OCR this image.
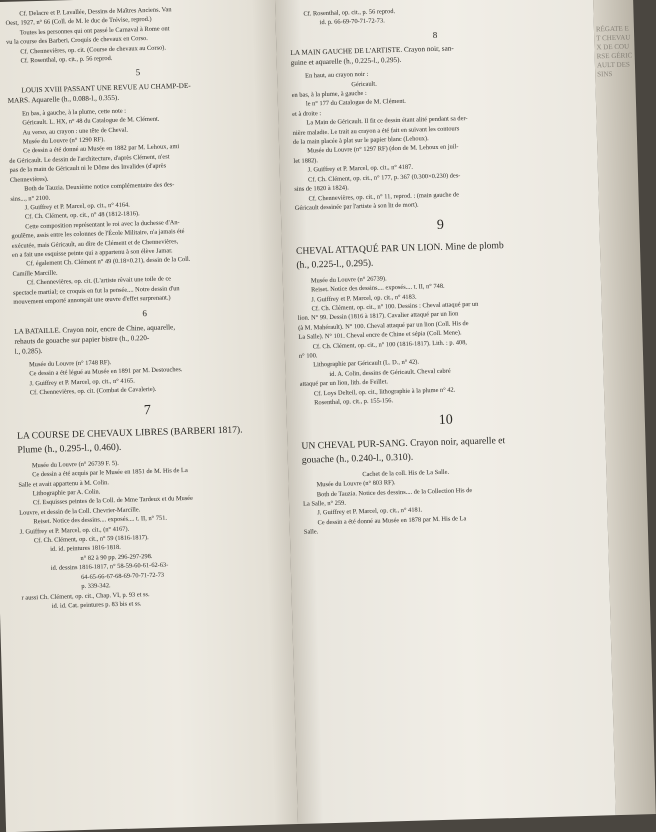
Cf. Delacre et P. Lavallée, Dessins de Maîtres Anciens. Van
Oest, 1927, n° 66 (Coll. de M. le duc de Trévise, reprod.)
Toutes les personnes qui ont passé le Carnaval à Rome ont
vu la course des Barberi, Croquis de chevaux en Corso.
Cf. Chennevières, op. cit. (Course de chevaux au Corso).
Cf. Rosenthal, op. cit., p. 56 reprod.
5
LOUIS XVIII PASSANT UNE REVUE AU CHAMP-DE-
MARS. Aquarelle (h., 0.088-l., 0.355).
En bas, à gauche, à la plume, cette note :
Géricault. L. HX, n° 48 du Catalogue de M. Clément.
Au verso, au crayon : une tête de Cheval.
Musée du Louvre (n° 1290 RF).
Ce dessin a été donné au Musée en 1882 par M. Lehoux, ami
de Géricault. Le dessin de l'architecture, d'après Clément, n'est
pas de la main de Géricault ni le Dôme des Invalides (d'après
Chennevières).
Both de Tauzia. Deuxième notice complémentaire des des-
sins..., n° 2100.
J. Guiffrey et P. Marcel, op. cit., n° 4164.
Cf. Ch. Clément, op. cit., n° 48 (1812-1816).
Cette composition représentant le roi avec la duchesse d'An-
goulême, assis entre les colonnes de l'École Militaire, n'a jamais été
exécutée, mais Géricault, au dire de Clément et de Chennevières,
en a fait une esquisse peinte qui a appartenu à son élève Jamar.
Cf. également Ch. Clément n° 49 (0.18×0.21), dessin de la Coll.
Camille Marcille.
Cf. Chennevières, op. cit. (L'artiste rêvait une toile de ce
spectacle martial; ce croquis en fut la pensée.... Notre dessin d'un
mouvement emporté annonçait une œuvre d'effet surprenant.)
6
LA BATAILLE. Crayon noir, encre de Chine, aquarelle,
rehauts de gouache sur papier bistre (h., 0.220-
l., 0.285).
Musée du Louvre (n° 1748 RF).
Ce dessin a été légué au Musée en 1891 par M. Destouches.
J. Guiffrey et P. Marcel, op. cit., n° 4165.
Cf. Chennevières, op. cit. (Combat de Cavalerie).
7
LA COURSE DE CHEVAUX LIBRES (BARBERI 1817).
Plume (h., 0.295-l., 0.460).
Musée du Louvre (n° 26739 F. 5).
Ce dessin a été acquis par le Musée en 1851 de M. His de La
Salle et avait appartenu à M. Colin.
Lithographie par A. Colin.
Cf. Esquisses peintes de la Coll. de Mme Tardeux et du Musée
Louvre, et dessin de la Coll. Chevrier-Marcille.
Reiset. Notice des dessins.... exposés.... t. II, n° 751.
J. Guiffrey et P. Marcel, op. cit., (n° 4167).
Cf. Ch. Clément, op. cit., n° 59 (1816-1817).
id. id. peintures 1816-1818.
n° 82 à 90 pp. 296-297-298.
id. dessins 1816-1817, n° 58-59-60-61-62-63-
64-65-66-67-68-69-70-71-72-73
p. 339-342.
r aussi Ch. Clément, op. cit., Chap. VI, p. 93 et ss.
id. id. Cat. peintures p. 83 bis et ss.
Cf. Rosenthal, op. cit., p. 56 reprod.
id. p. 66-69-70-71-72-73.
8
LA MAIN GAUCHE DE L'ARTISTE. Crayon noir, san-
guine et aquarelle (h., 0.225-l., 0.295).
En haut, au crayon noir :
Géricault.
en bas, à la plume, à gauche :
le n° 177 du Catalogue de M. Clément.
et à droite :
La Main de Géricault. Il fit ce dessin étant alité pendant sa der-
nière maladie. Le trait au crayon a été fait en suivant les contours
de la main placée à plat sur le papier blanc (Lehoux).
Musée du Louvre (n° 1297 RF) (don de M. Lehoux en juil-
let 1882).
J. Guiffrey et P. Marcel, op. cit., n° 4187.
Cf. Ch. Clément, op. cit., n° 177, p. 367 (0.300×0.230) des-
sins de 1820 à 1824).
Cf. Chennevières, op. cit., n° 11, reprod. : (main gauche de
Géricault dessinée par l'artiste à son lit de mort).
9
CHEVAL ATTAQUÉ PAR UN LION. Mine de plomb
(h., 0.225-l., 0.295).
Musée du Louvre (n° 26739).
Reiset. Notice des dessins.... exposés.... t. II, n° 748.
J. Guiffrey et P. Marcel, op. cit., n° 4183.
Cf. Ch. Clément, op. cit., n° 100. Dessins : Cheval attaqué par un
lion. N° 99. Dessin (1816 à 1817). Cavalier attaqué par un lion
(à M. Mahérault). N° 100. Cheval attaqué par un lion (Coll. His de
La Salle). N° 101. Cheval encre de Chine et sépia (Coll. Mene).
Cf. Ch. Clément, op. cit., n° 100 (1816-1817). Lith. : p. 408,
n° 100.
Lithographie par Géricault (L. D., n° 42).
id. A. Colin, dessins de Géricault. Cheval cabré
attaqué par un lion, lith. de Feillet.
Cf. Loys Delteil, op. cit., lithographie à la plume n° 42.
Rosenthal, op. cit., p. 155-156.
10
UN CHEVAL PUR-SANG. Crayon noir, aquarelle et
gouache (h., 0.240-l., 0.310).
Cachet de la coll. His de La Salle.
Musée du Louvre (n° 803 RF).
Both de Tauzia. Notice des dessins.... de la Collection His de
La Salle, n° 259.
J. Guiffrey et P. Marcel, op. cit., n° 4181.
Ce dessin a été donné au Musée en 1878 par M. His de La
Salle.
RÉGATE ET CHEVAUX DE COURSE GÉRICAULT DESSINS
